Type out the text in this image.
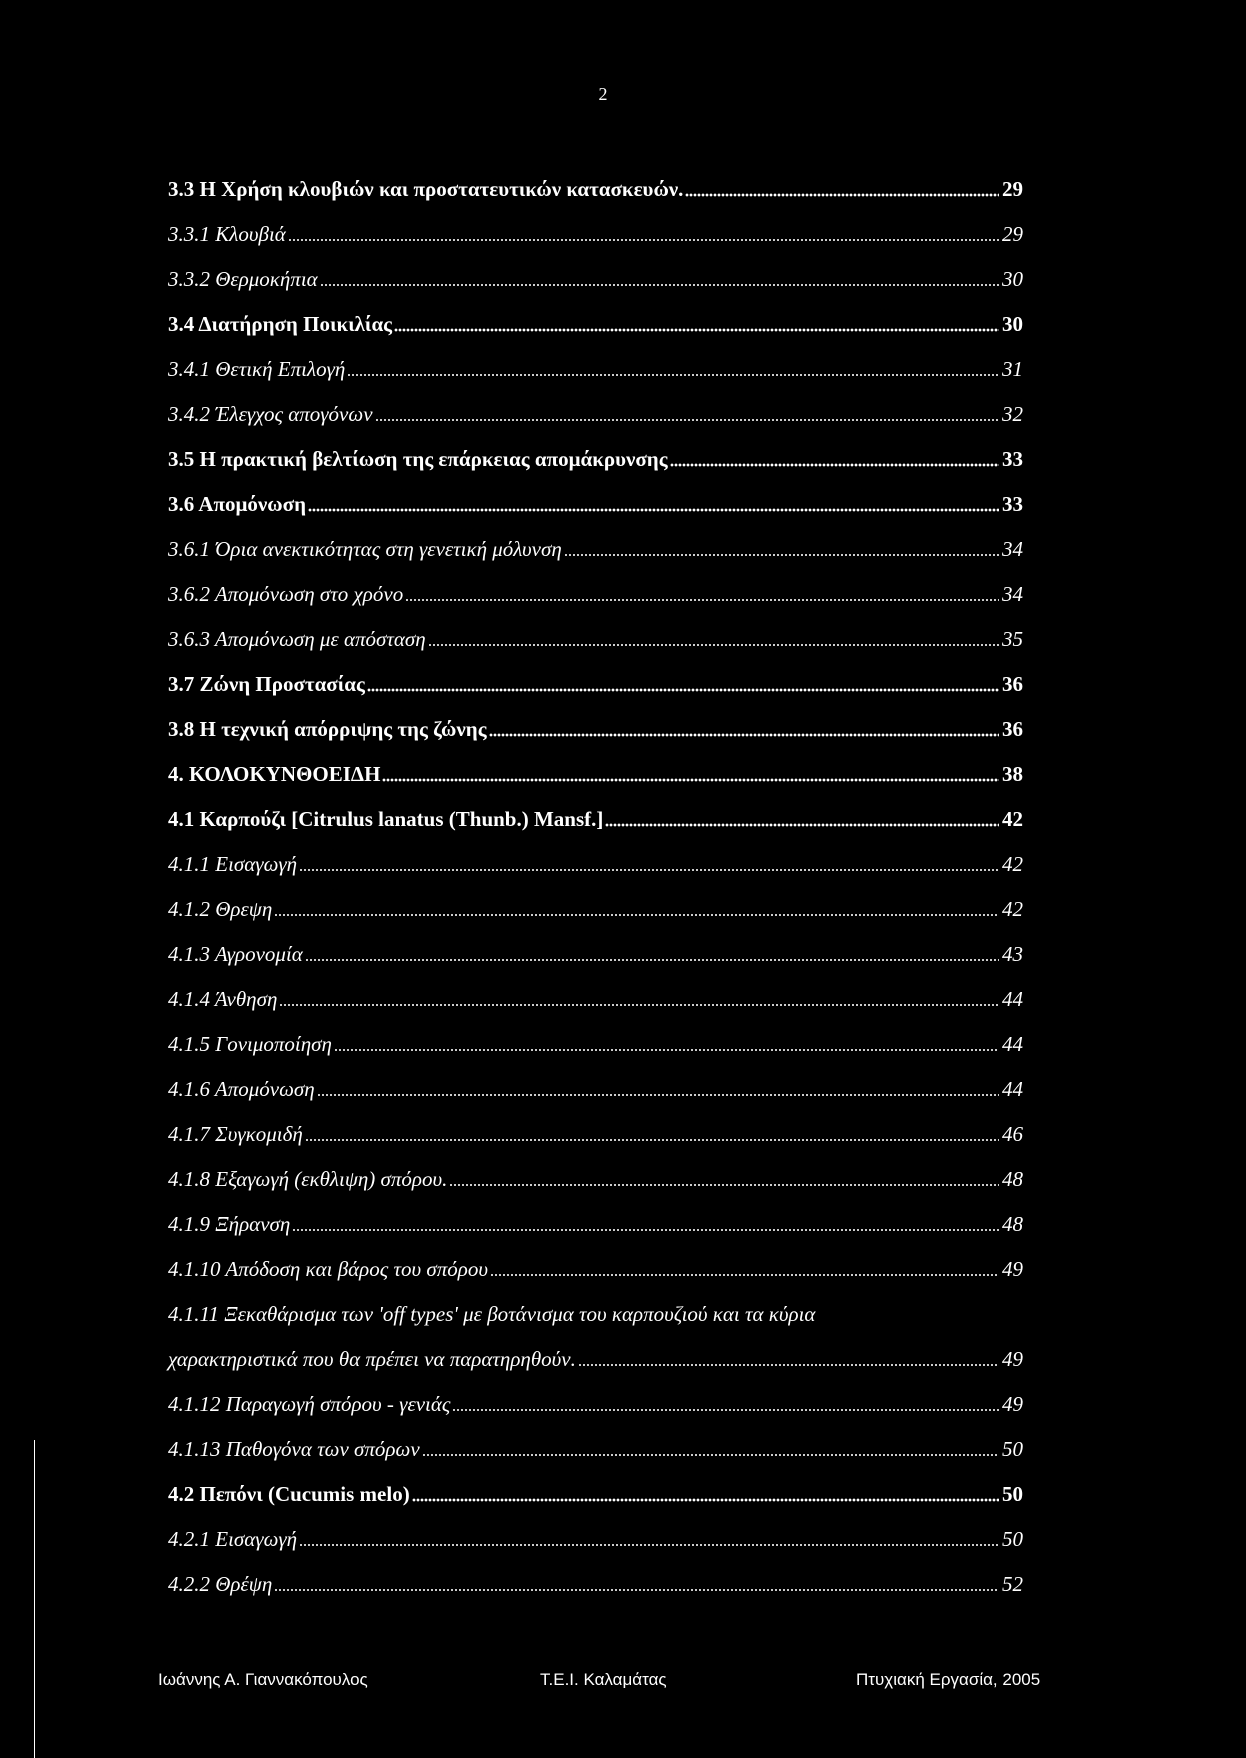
2
3.3 Η Χρήση κλουβιών και προστατευτικών κατασκευών.	29
3.3.1 Κλουβιά	29
3.3.2 Θερμοκήπια	30
3.4 Διατήρηση Ποικιλίας	30
3.4.1 Θετική Επιλογή	31
3.4.2 Έλεγχος απογόνων	32
3.5 Η πρακτική βελτίωση της επάρκειας απομάκρυνσης	33
3.6 Απομόνωση	33
3.6.1 Όρια ανεκτικότητας στη γενετική μόλυνση	34
3.6.2 Απομόνωση στο χρόνο	34
3.6.3 Απομόνωση με απόσταση	35
3.7 Ζώνη Προστασίας	36
3.8 Η τεχνική απόρριψης της ζώνης	36
4. ΚΟΛΟΚΥΝΘΟΕΙΔΗ	38
4.1 Καρπούζι [Citrulus lanatus (Thunb.) Mansf.]	42
4.1.1 Εισαγωγή	42
4.1.2 Θρεψη	42
4.1.3 Αγρονομία	43
4.1.4 Άνθηση	44
4.1.5 Γονιμοποίηση	44
4.1.6 Απομόνωση	44
4.1.7 Συγκομιδή	46
4.1.8 Εξαγωγή (εκθλιψη) σπόρου.	48
4.1.9 Ξήρανση	48
4.1.10 Απόδοση και βάρος του σπόρου	49
4.1.11 Ξεκαθάρισμα των 'off types' με βοτάνισμα του καρπουζιού και τα κύρια
χαρακτηριστικά που θα πρέπει να παρατηρηθούν.	49
4.1.12 Παραγωγή σπόρου - γενιάς	49
4.1.13 Παθογόνα των σπόρων	50
4.2 Πεπόνι (Cucumis melo)	50
4.2.1 Εισαγωγή	50
4.2.2 Θρέψη	52
Ιωάννης Α. Γιαννακόπουλος	Τ.Ε.Ι. Καλαμάτας	Πτυχιακή Εργασία, 2005
